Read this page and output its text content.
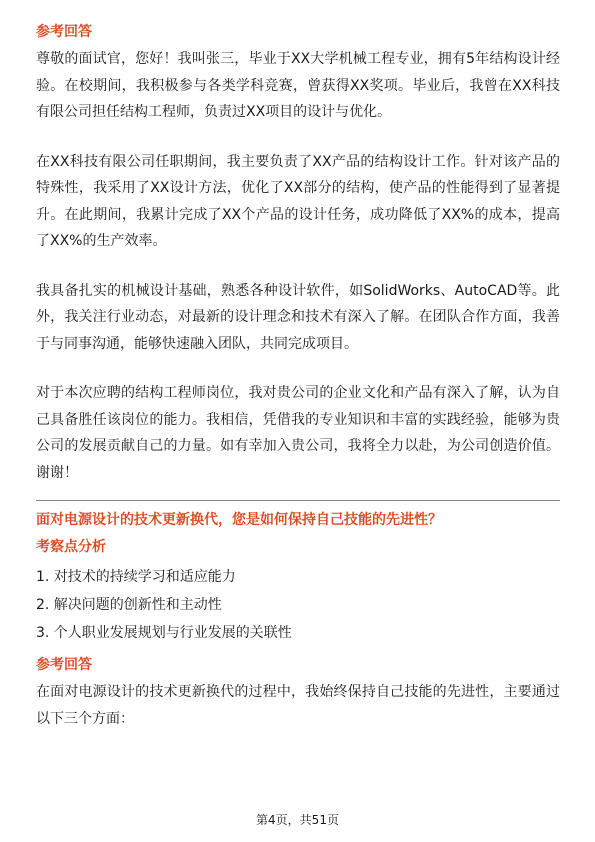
参考回答

尊敬的面试官，您好！我叫张三，毕业于XX大学机械工程专业，拥有5年结构设计经验。在校期间，我积极参与各类学科竞赛，曾获得XX奖项。毕业后，我曾在XX科技有限公司担任结构工程师，负责过XX项目的设计与优化。

在XX科技有限公司任职期间，我主要负责了XX产品的结构设计工作。针对该产品的特殊性，我采用了XX设计方法，优化了XX部分的结构，使产品的性能得到了显著提升。在此期间，我累计完成了XX个产品的设计任务，成功降低了XX%的成本，提高了XX%的生产效率。

我具备扎实的机械设计基础，熟悉各种设计软件，如SolidWorks、AutoCAD等。此外，我关注行业动态，对最新的设计理念和技术有深入了解。在团队合作方面，我善于与同事沟通，能够快速融入团队，共同完成项目。

对于本次应聘的结构工程师岗位，我对贵公司的企业文化和产品有深入了解，认为自己具备胜任该岗位的能力。我相信，凭借我的专业知识和丰富的实践经验，能够为贵公司的发展贡献自己的力量。如有幸加入贵公司，我将全力以赴，为公司创造价值。谢谢！

面对电源设计的技术更新换代，您是如何保持自己技能的先进性？

考察点分析

1. 对技术的持续学习和适应能力
2. 解决问题的创新性和主动性
3. 个人职业发展规划与行业发展的关联性

参考回答

在面对电源设计的技术更新换代的过程中，我始终保持自己技能的先进性，主要通过以下三个方面：

第4页，共51页
